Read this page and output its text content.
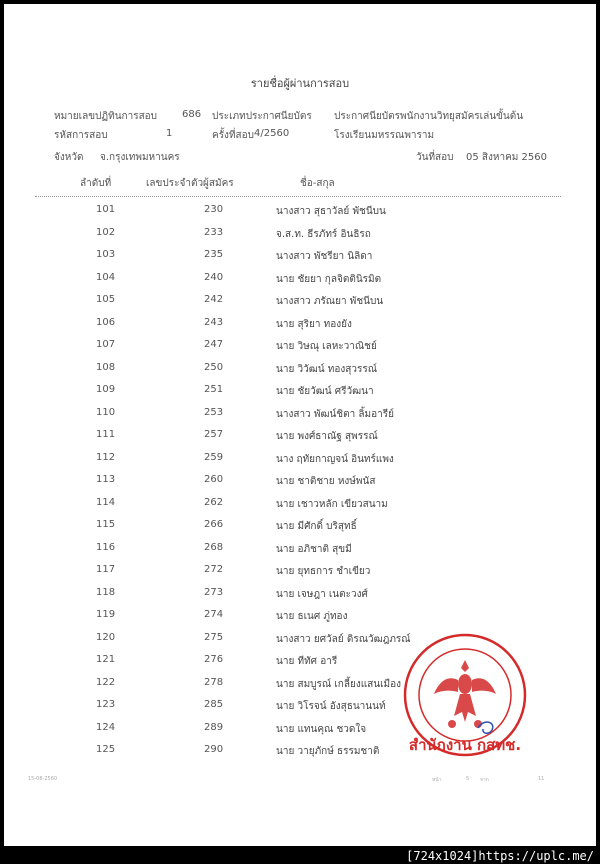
รายชื่อผู้ผ่านการสอบ
หมายเลขปฏิทินการสอบ 686 ประเภทประกาศนียบัตร ประกาศนียบัตรพนักงานวิทยุสมัครเล่นขั้นต้น
รหัสการสอบ	1	ครั้งที่สอบ 4/2560	โรงเรียนมหรรณพาราม
จังหวัด จ.กรุงเทพมหานคร	วันที่สอบ 05 สิงหาคม 2560
ลำดับที่	เลขประจำตัวผู้สมัคร	ชื่อ-สกุล
101	230	นางสาว สุธาวัลย์ พัชนีบน
102	233	จ.ส.ท. ธีรภัทร์ อินธิรถ
103	235	นางสาว พัชรียา นิลิดา
104	240	นาย ชัยยา กุลจิตตินิรมิต
105	242	นางสาว ภรัณยา พัชนีบน
106	243	นาย สุริยา ทองยัง
107	247	นาย วิษณุ เลหะวาณิชย์
108	250	นาย วิวัฒน์ ทองสุวรรณ์
109	251	นาย ชัยวัฒน์ ศรีวัฒนา
110	253	นางสาว พัฒน์ชิตา ลิ้มอารีย์
111	257	นาย พงศ์ธาณัฐ สุพรรณ์
112	259	นาง ฤทัยกาญจน์ อินทร์แพง
113	260	นาย ชาติชาย หงษ์พนัส
114	262	นาย เชาวหลัก เขียวสนาม
115	266	นาย มีศักดิ์ บริสุทธิ์
116	268	นาย อภิชาติ สุขมี
117	272	นาย ยุทธการ ชำเขียว
118	273	นาย เจษฎา เนตะวงศ์
119	274	นาย ธเนศ ภู่ทอง
120	275	นางสาว ยศวัลย์ ดิรณวัฒฎภรณ์
121	276	นาย ทีทัศ อารี
122	278	นาย สมบูรณ์ เกลี้ยงแสนเมือง
123	285	นาย วิโรจน์ อังสุธนานนท์
124	289	นาย แทนคุณ ชวดใจ
125	290	นาย วายุภักษ์ ธรรมชาติ สำนักงาน กสทช.
15-08-2560	หน้า	5 จาก	11
[724x1024]https://uplc.me/
